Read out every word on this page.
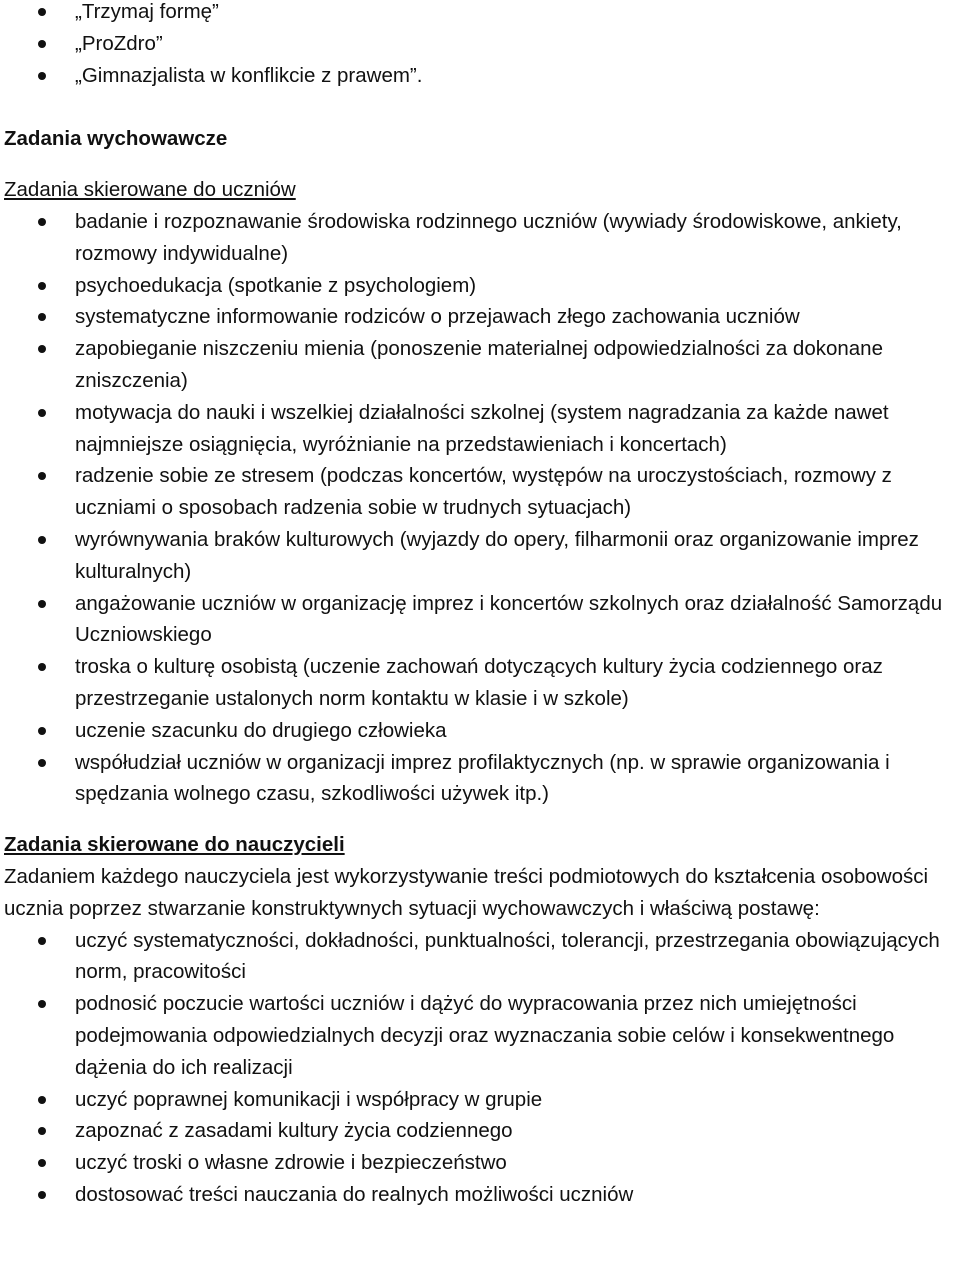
„Trzymaj formę”
„ProZdro”
„Gimnazjalista w konflikcie z prawem”.
Zadania wychowawcze
Zadania skierowane do uczniów
badanie i rozpoznawanie środowiska rodzinnego uczniów (wywiady środowiskowe, ankiety, rozmowy indywidualne)
psychoedukacja (spotkanie z psychologiem)
systematyczne informowanie rodziców o przejawach złego zachowania uczniów
zapobieganie niszczeniu mienia (ponoszenie materialnej odpowiedzialności za dokonane zniszczenia)
motywacja do nauki i wszelkiej działalności szkolnej (system nagradzania za każde nawet najmniejsze osiągnięcia, wyróżnianie na przedstawieniach i koncertach)
radzenie sobie ze stresem (podczas koncertów, występów na uroczystościach, rozmowy z uczniami o sposobach radzenia sobie w trudnych sytuacjach)
wyrównywania braków kulturowych (wyjazdy do opery, filharmonii oraz organizowanie imprez kulturalnych)
angażowanie uczniów w organizację imprez i koncertów szkolnych oraz działalność Samorządu Uczniowskiego
troska o kulturę osobistą (uczenie zachowań dotyczących kultury życia codziennego oraz przestrzeganie ustalonych norm kontaktu w klasie i w szkole)
uczenie szacunku do drugiego człowieka
współudział uczniów w organizacji imprez profilaktycznych (np. w sprawie organizowania i spędzania wolnego czasu, szkodliwości używek itp.)
Zadania skierowane do nauczycieli

Zadaniem każdego nauczyciela jest wykorzystywanie treści podmiotowych do kształcenia osobowości ucznia poprzez stwarzanie konstruktywnych sytuacji wychowawczych i właściwą postawę:

uczyć systematyczności, dokładności, punktualności, tolerancji, przestrzegania obowiązujących norm, pracowitości
podnosić poczucie wartości uczniów i dążyć do wypracowania przez nich umiejętności podejmowania odpowiedzialnych decyzji oraz wyznaczania sobie celów i konsekwentnego dążenia do ich realizacji
uczyć poprawnej komunikacji i współpracy w grupie
zapoznać z zasadami kultury życia codziennego
uczyć troski o własne zdrowie i bezpieczeństwo
dostosować treści nauczania do realnych możliwości uczniów
